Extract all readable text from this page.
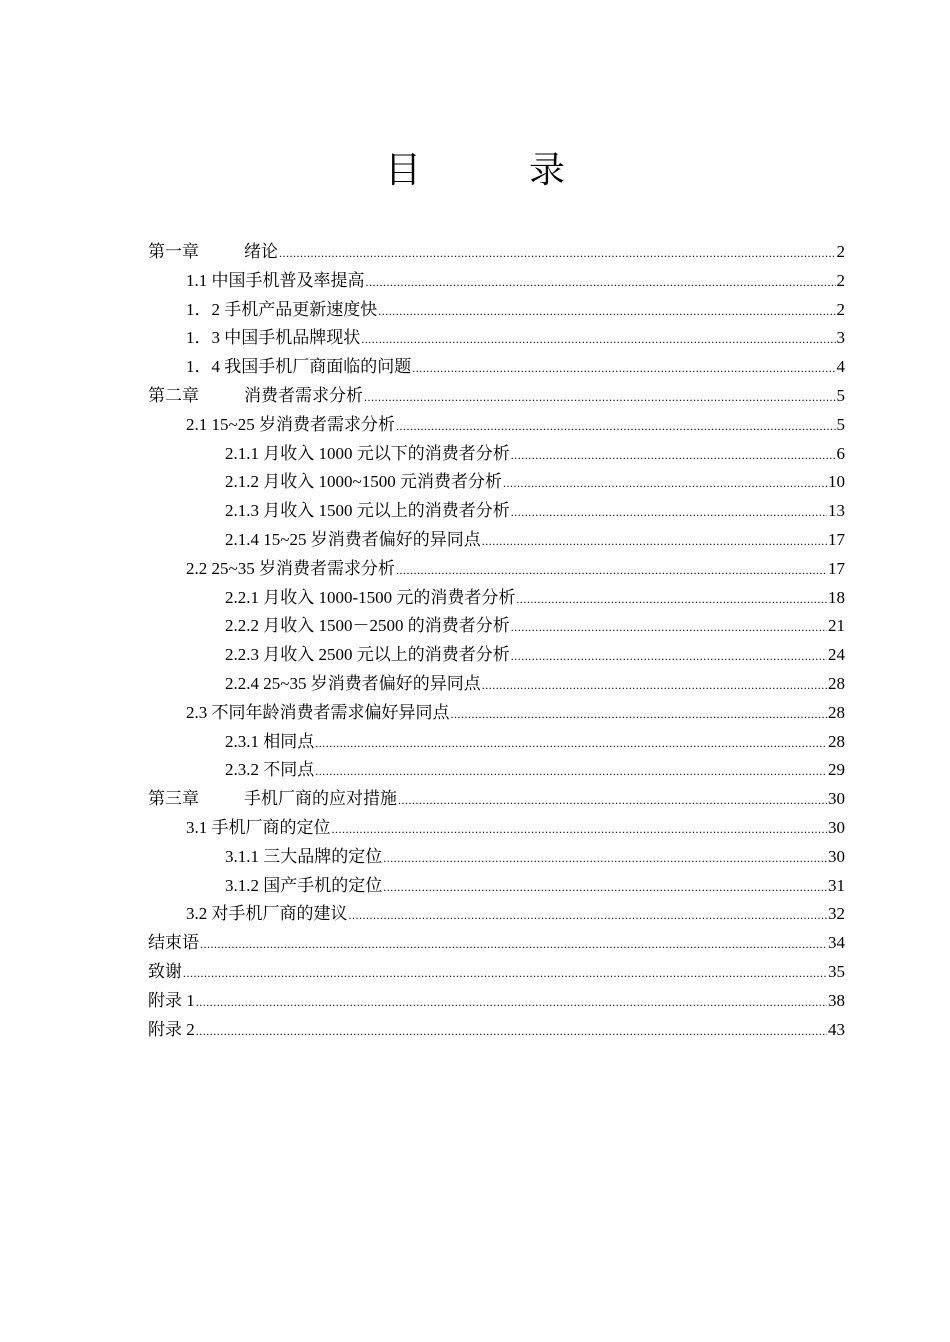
目            录
第一章	绪论 .....	2
1.1 中国手机普及率提高 .....	2
1．2 手机产品更新速度快 .....	2
1．3 中国手机品牌现状 .....	3
1．4 我国手机厂商面临的问题 .....	4
第二章	消费者需求分析 .....	5
2.1 15~25 岁消费者需求分析 .....	5
2.1.1 月收入 1000 元以下的消费者分析 .....	6
2.1.2 月收入 1000~1500 元消费者分析 .....	10
2.1.3 月收入 1500 元以上的消费者分析 .....	13
2.1.4 15~25 岁消费者偏好的异同点 .....	17
2.2 25~35 岁消费者需求分析 .....	17
2.2.1 月收入 1000-1500 元的消费者分析 .....	18
2.2.2 月收入 1500－2500 的消费者分析 .....	21
2.2.3 月收入 2500 元以上的消费者分析 .....	24
2.2.4 25~35 岁消费者偏好的异同点 .....	28
2.3 不同年龄消费者需求偏好异同点 .....	28
2.3.1 相同点 .....	28
2.3.2 不同点 .....	29
第三章	手机厂商的应对措施 .....	30
3.1 手机厂商的定位 .....	30
3.1.1 三大品牌的定位 .....	30
3.1.2 国产手机的定位 .....	31
3.2 对手机厂商的建议 .....	32
结束语 .....	34
致谢 .....	35
附录 1 .....	38
附录 2 .....	43
